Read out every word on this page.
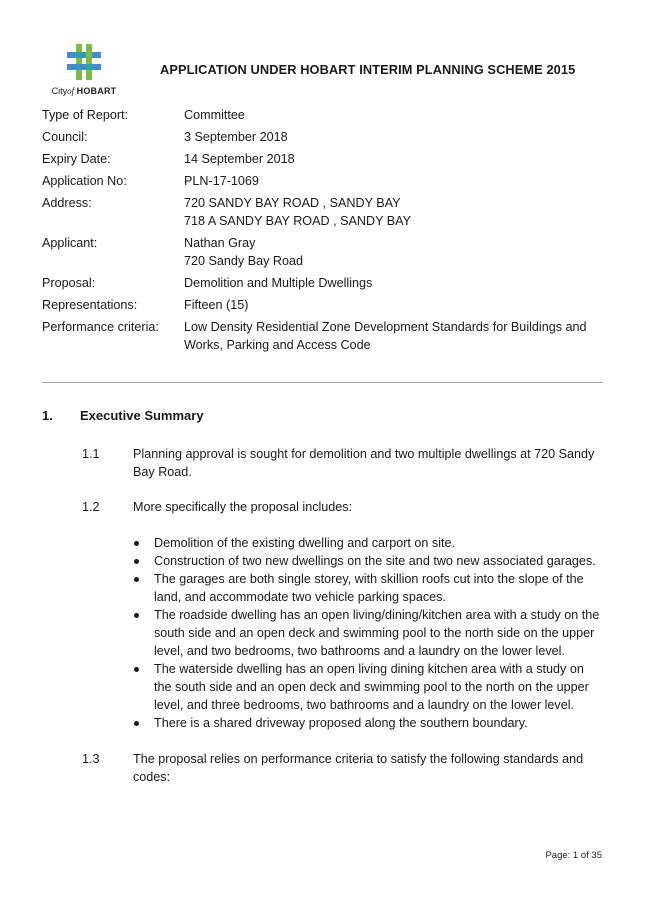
Cityof HOBART
APPLICATION UNDER HOBART INTERIM PLANNING SCHEME 2015
Type of Report:	Committee
Council:	3 September 2018
Expiry Date:	14 September 2018
Application No:	PLN-17-1069
Address:	720 SANDY BAY ROAD , SANDY BAY
718 A SANDY BAY ROAD , SANDY BAY
Applicant:	Nathan Gray
720 Sandy Bay Road
Proposal:	Demolition and Multiple Dwellings
Representations:	Fifteen (15)
Performance criteria: Low Density Residential Zone Development Standards for Buildings and Works, Parking and Access Code
1. Executive Summary
1.1	Planning approval is sought for demolition and two multiple dwellings at 720 Sandy Bay Road.
1.2	More specifically the proposal includes:
Demolition of the existing dwelling and carport on site.
Construction of two new dwellings on the site and two new associated garages.
The garages are both single storey, with skillion roofs cut into the slope of the land, and accommodate two vehicle parking spaces.
The roadside dwelling has an open living/dining/kitchen area with a study on the south side and an open deck and swimming pool to the north side on the upper level, and two bedrooms, two bathrooms and a laundry on the lower level.
The waterside dwelling has an open living dining kitchen area with a study on the south side and an open deck and swimming pool to the north on the upper level, and three bedrooms, two bathrooms and a laundry on the lower level.
There is a shared driveway proposed along the southern boundary.
1.3	The proposal relies on performance criteria to satisfy the following standards and codes:
Page: 1 of 35
